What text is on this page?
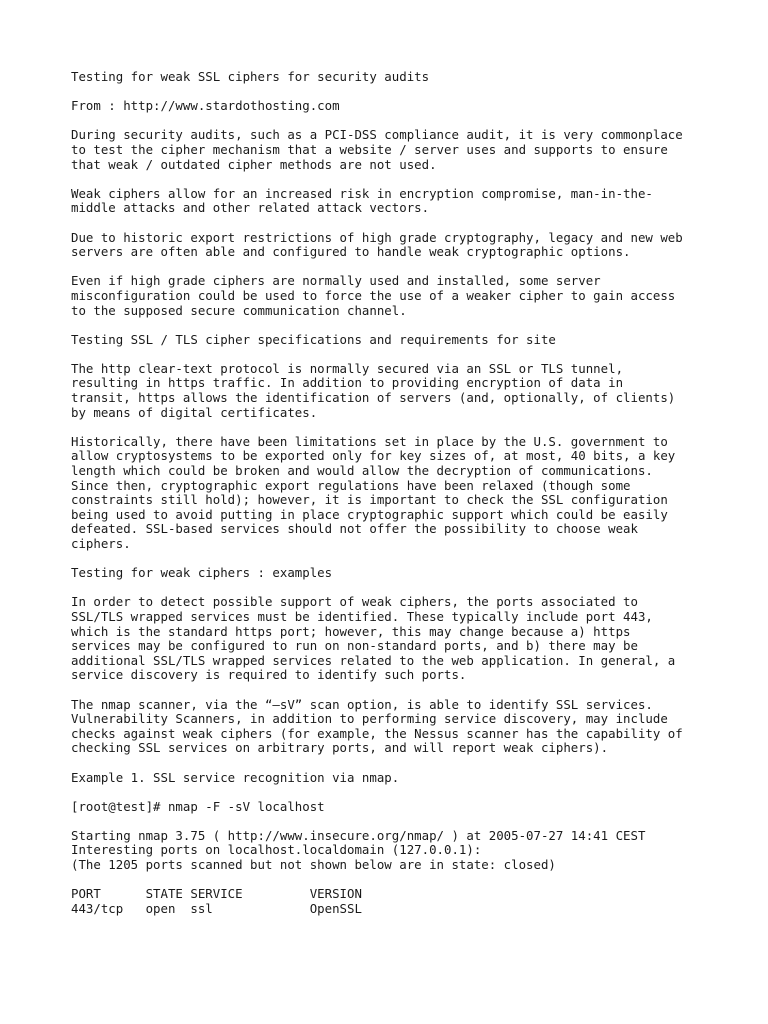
Testing for weak SSL ciphers for security audits

From : http://www.stardothosting.com

During security audits, such as a PCI-DSS compliance audit, it is very commonplace
to test the cipher mechanism that a website / server uses and supports to ensure
that weak / outdated cipher methods are not used.

Weak ciphers allow for an increased risk in encryption compromise, man-in-the-
middle attacks and other related attack vectors.

Due to historic export restrictions of high grade cryptography, legacy and new web
servers are often able and configured to handle weak cryptographic options.

Even if high grade ciphers are normally used and installed, some server
misconfiguration could be used to force the use of a weaker cipher to gain access
to the supposed secure communication channel.

Testing SSL / TLS cipher specifications and requirements for site

The http clear-text protocol is normally secured via an SSL or TLS tunnel,
resulting in https traffic. In addition to providing encryption of data in
transit, https allows the identification of servers (and, optionally, of clients)
by means of digital certificates.

Historically, there have been limitations set in place by the U.S. government to
allow cryptosystems to be exported only for key sizes of, at most, 40 bits, a key
length which could be broken and would allow the decryption of communications.
Since then, cryptographic export regulations have been relaxed (though some
constraints still hold); however, it is important to check the SSL configuration
being used to avoid putting in place cryptographic support which could be easily
defeated. SSL-based services should not offer the possibility to choose weak
ciphers.

Testing for weak ciphers : examples

In order to detect possible support of weak ciphers, the ports associated to
SSL/TLS wrapped services must be identified. These typically include port 443,
which is the standard https port; however, this may change because a) https
services may be configured to run on non-standard ports, and b) there may be
additional SSL/TLS wrapped services related to the web application. In general, a
service discovery is required to identify such ports.

The nmap scanner, via the “–sV” scan option, is able to identify SSL services.
Vulnerability Scanners, in addition to performing service discovery, may include
checks against weak ciphers (for example, the Nessus scanner has the capability of
checking SSL services on arbitrary ports, and will report weak ciphers).

Example 1. SSL service recognition via nmap.

[root@test]# nmap -F -sV localhost

Starting nmap 3.75 ( http://www.insecure.org/nmap/ ) at 2005-07-27 14:41 CEST
Interesting ports on localhost.localdomain (127.0.0.1):
(The 1205 ports scanned but not shown below are in state: closed)

PORT      STATE SERVICE         VERSION
443/tcp   open  ssl             OpenSSL
